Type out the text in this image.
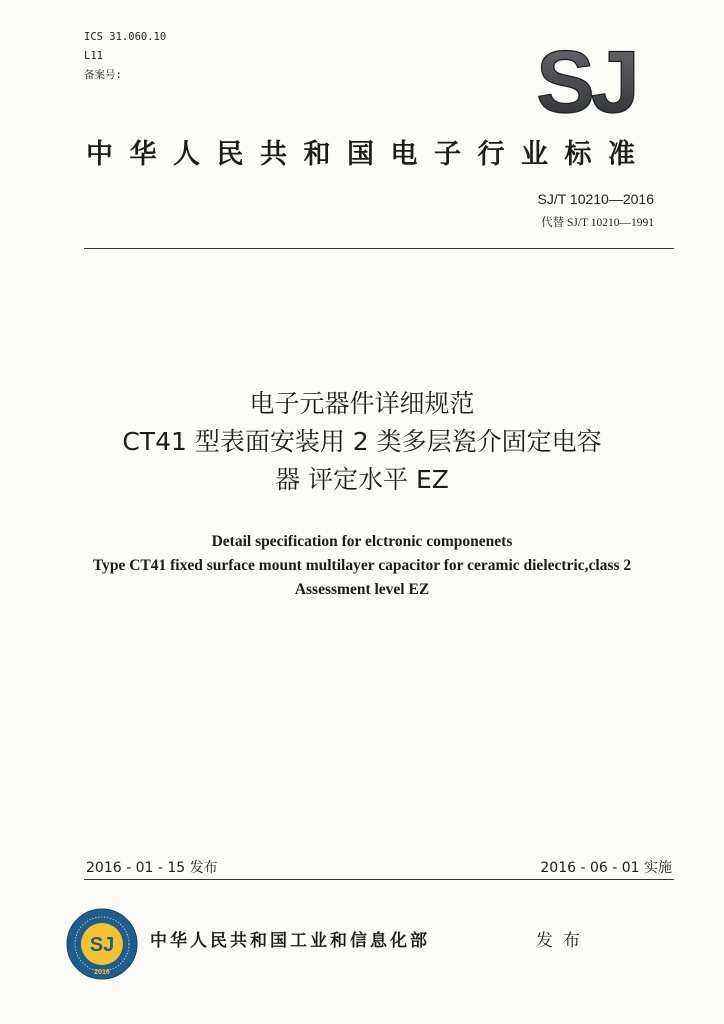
ICS 31.060.10
L11
备案号:	SJ
中华人民共和国电子行业标准
SJ/T 10210—2016
代替 SJ/T 10210—1991
电子元器件详细规范
CT41 型表面安装用 2 类多层瓷介固定电容
器 评定水平 EZ
Detail specification for elctronic componenets
Type CT41 fixed surface mount multilayer capacitor for ceramic dielectric,class 2
Assessment level EZ
2016 - 01 - 15 发布	2016 - 06 - 01 实施
SJ
2016
中华人民共和国工业和信息化部	发布
